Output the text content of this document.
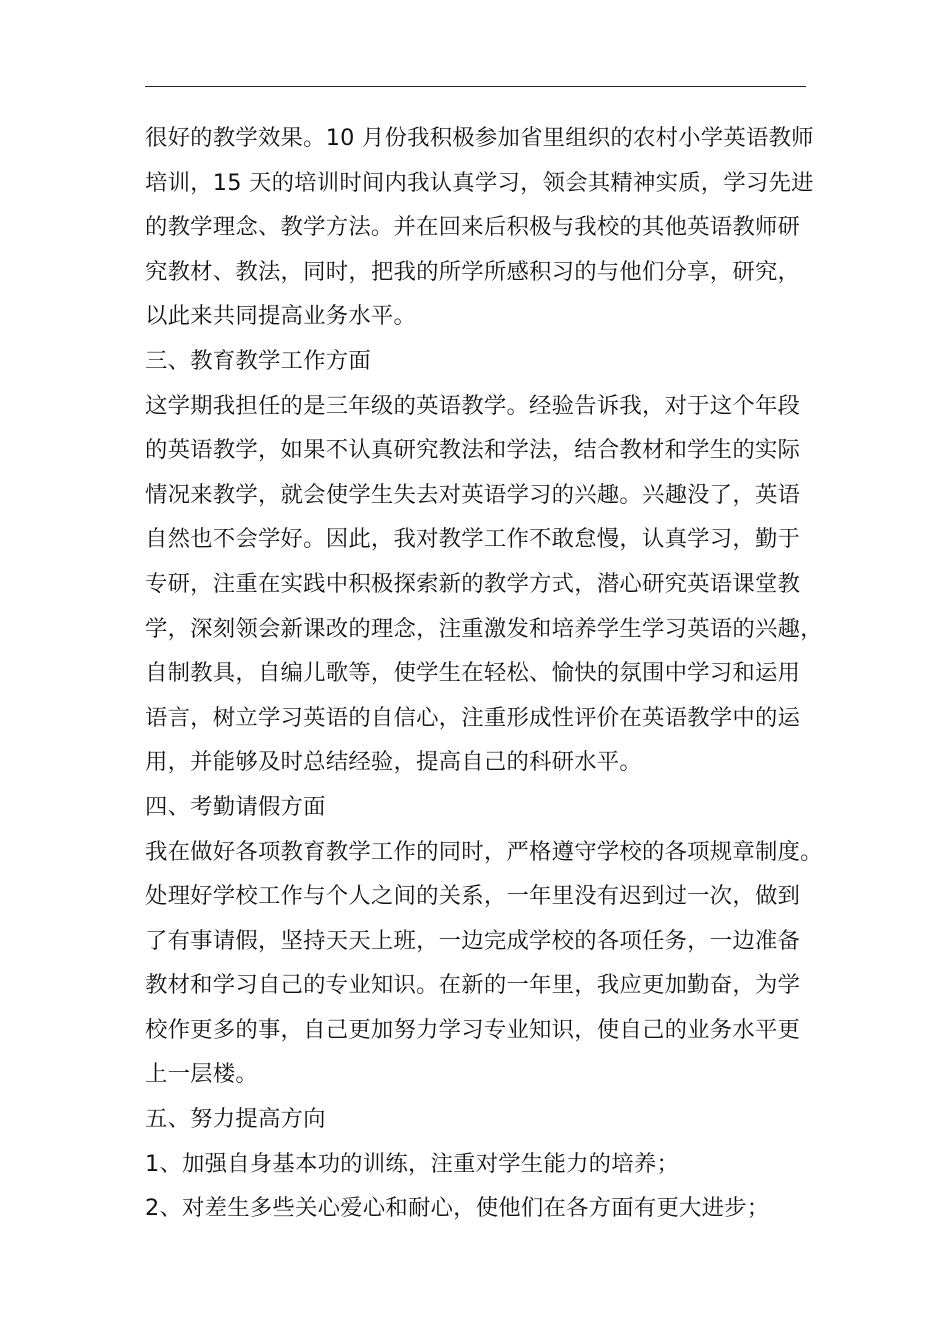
很好的教学效果。10 月份我积极参加省里组织的农村小学英语教师
培训，15 天的培训时间内我认真学习，领会其精神实质，学习先进
的教学理念、教学方法。并在回来后积极与我校的其他英语教师研
究教材、教法，同时，把我的所学所感积习的与他们分享，研究，
以此来共同提高业务水平。
三、教育教学工作方面
这学期我担任的是三年级的英语教学。经验告诉我，对于这个年段
的英语教学，如果不认真研究教法和学法，结合教材和学生的实际
情况来教学，就会使学生失去对英语学习的兴趣。兴趣没了，英语
自然也不会学好。因此，我对教学工作不敢怠慢，认真学习，勤于
专研，注重在实践中积极探索新的教学方式，潜心研究英语课堂教
学，深刻领会新课改的理念，注重激发和培养学生学习英语的兴趣，
自制教具，自编儿歌等，使学生在轻松、愉快的氛围中学习和运用
语言，树立学习英语的自信心，注重形成性评价在英语教学中的运
用，并能够及时总结经验，提高自己的科研水平。
四、考勤请假方面
我在做好各项教育教学工作的同时，严格遵守学校的各项规章制度。
处理好学校工作与个人之间的关系，一年里没有迟到过一次，做到
了有事请假，坚持天天上班，一边完成学校的各项任务，一边准备
教材和学习自己的专业知识。在新的一年里，我应更加勤奋，为学
校作更多的事，自己更加努力学习专业知识，使自己的业务水平更
上一层楼。
五、努力提高方向
1、加强自身基本功的训练，注重对学生能力的培养；
2、对差生多些关心爱心和耐心，使他们在各方面有更大进步；
